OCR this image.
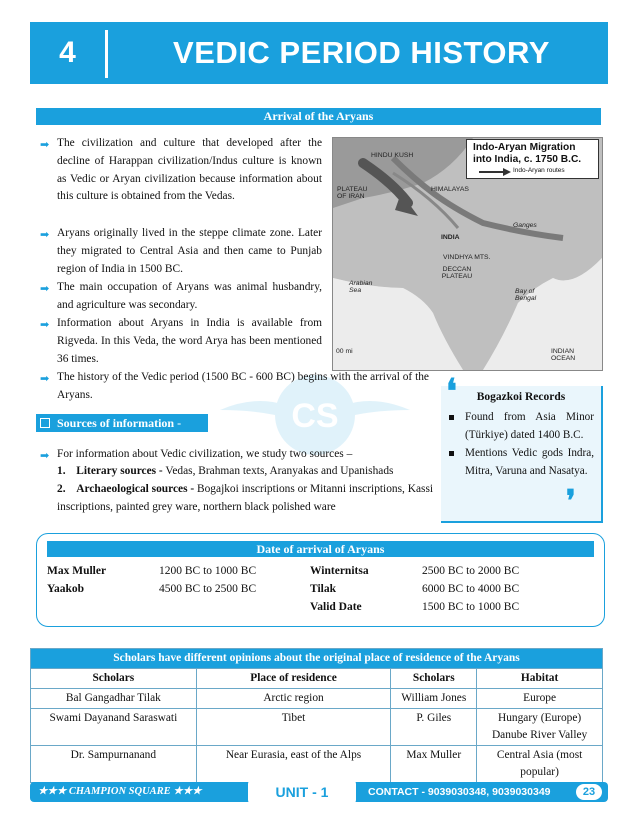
4	VEDIC PERIOD HISTORY
Arrival of the Aryans
CS
➡
The civilization and culture that developed after the decline of Harappan civilization/Indus culture is known as Vedic or Aryan civilization because information about this culture is obtained from the Vedas.
➡
Aryans originally lived in the steppe climate zone. Later they migrated to Central Asia and then came to Punjab region of India in 1500 BC.
➡
The main occupation of Aryans was animal husbandry, and agriculture was secondary.
➡
Information about Aryans in India is available from Rigveda. In this Veda, the word Arya has been mentioned 36 times.
➡
The history of the Vedic period (1500 BC - 600 BC) begins with the arrival of the Aryans.
HINDU KUSH
PLATEAU OF IRAN
HIMALAYAS
INDIA
Ganges
VINDHYA MTS.
DECCAN PLATEAU
Arabian Sea	Bay of Bengal
INDIAN OCEAN
00 mi
Indo-Aryan Migration into India, c. 1750 B.C.
Indo-Aryan routes
Sources of information -
➡
For information about Vedic civilization, we study two sources –
1. Literary sources - Vedas, Brahman texts, Aranyakas and Upanishads
2. Archaeological sources - Bogajkoi inscriptions or Mitanni inscriptions, Kassi inscriptions, painted grey ware, northern black polished ware
Bogazkoi Records
Found from Asia Minor (Türkiye) dated 1400 B.C.
Mentions Vedic gods Indra, Mitra, Varuna and Nasatya.
❛
❜
Date of arrival of Aryans
Max Muller	1200 BC to 1000 BC
Yaakob	4500 BC to 2500 BC
Winternitsa	2500 BC to 2000 BC
Tilak	6000 BC to 4000 BC
Valid Date	1500 BC to 1000 BC
Scholars have different opinions about the original place of residence of the Aryans			
Scholars	Place of residence	Scholars	Habitat
Bal Gangadhar Tilak	Arctic region	William Jones	Europe
Swami Dayanand Saraswati	Tibet	P. Giles	Hungary (Europe) Danube River Valley
Dr. Sampurnanand	Near Eurasia, east of the Alps	Max Muller	Central Asia (most popular)
★★★ CHAMPION SQUARE ★★★	UNIT - 1	CONTACT - 9039030348, 9039030349	23
